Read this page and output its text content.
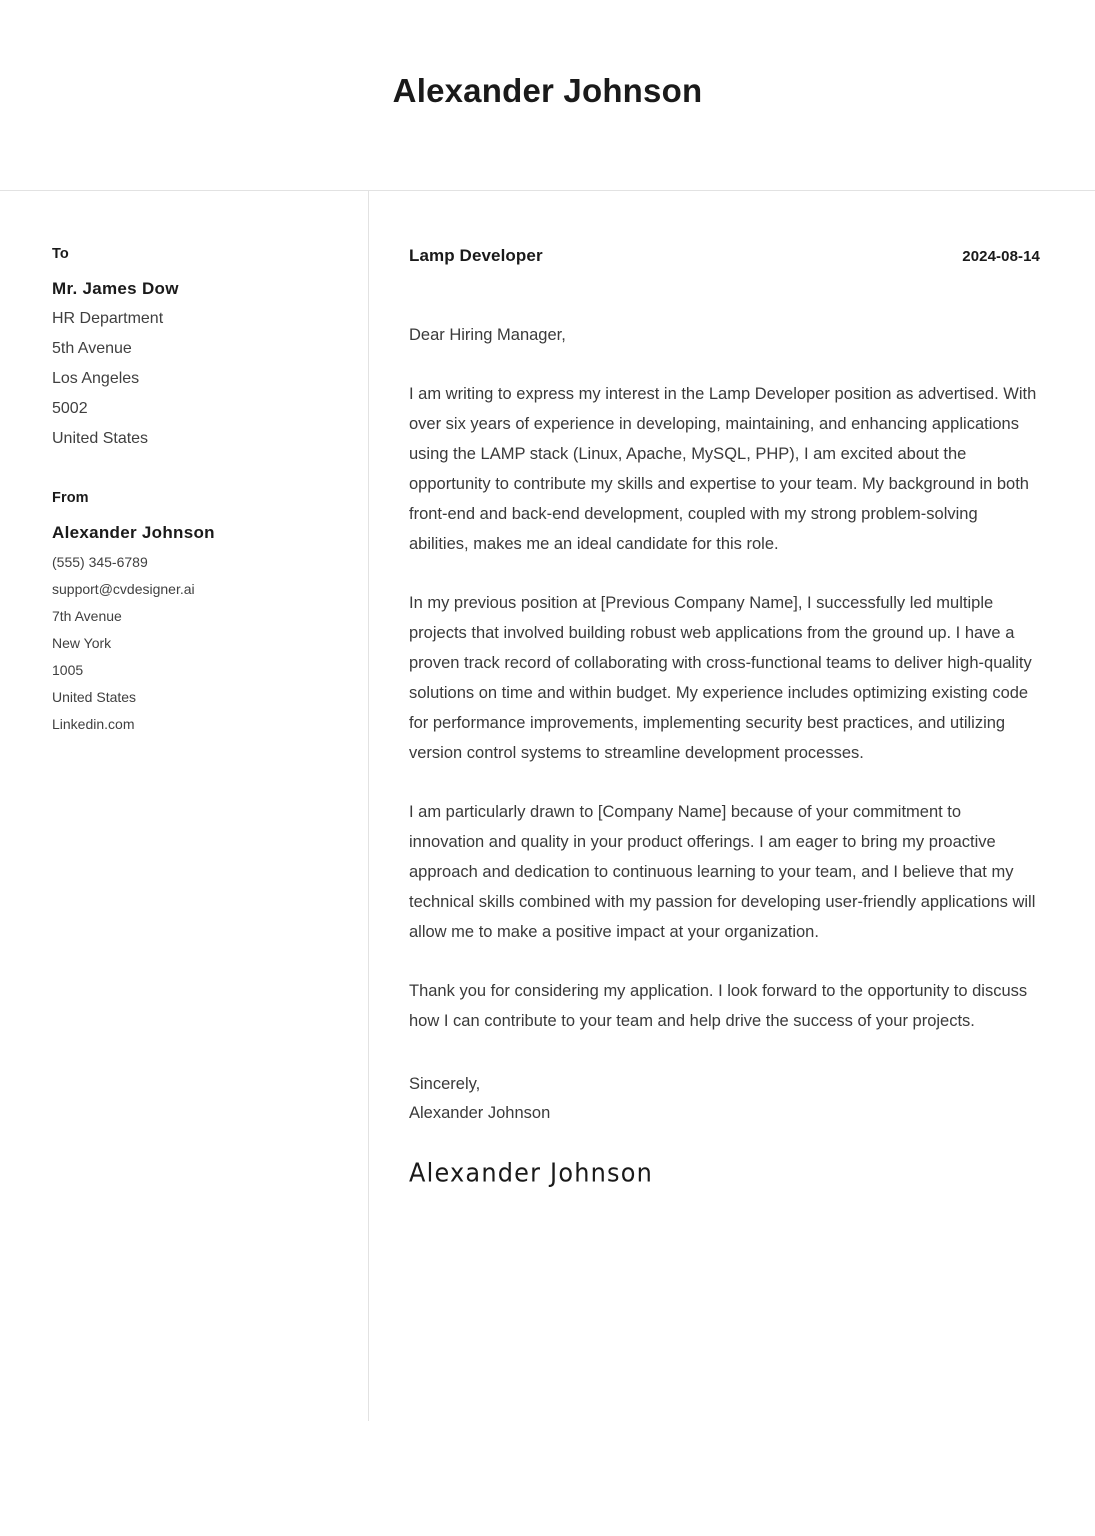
Alexander Johnson
To
Mr. James Dow
HR Department
5th Avenue
Los Angeles
5002
United States
From
Alexander Johnson
(555) 345-6789
support@cvdesigner.ai
7th Avenue
New York
1005
United States
Linkedin.com
Lamp Developer	2024-08-14
Dear Hiring Manager,

I am writing to express my interest in the Lamp Developer position as advertised. With over six years of experience in developing, maintaining, and enhancing applications using the LAMP stack (Linux, Apache, MySQL, PHP), I am excited about the opportunity to contribute my skills and expertise to your team. My background in both front-end and back-end development, coupled with my strong problem-solving abilities, makes me an ideal candidate for this role.

In my previous position at [Previous Company Name], I successfully led multiple projects that involved building robust web applications from the ground up. I have a proven track record of collaborating with cross-functional teams to deliver high-quality solutions on time and within budget. My experience includes optimizing existing code for performance improvements, implementing security best practices, and utilizing version control systems to streamline development processes.

I am particularly drawn to [Company Name] because of your commitment to innovation and quality in your product offerings. I am eager to bring my proactive approach and dedication to continuous learning to your team, and I believe that my technical skills combined with my passion for developing user-friendly applications will allow me to make a positive impact at your organization.

Thank you for considering my application. I look forward to the opportunity to discuss how I can contribute to your team and help drive the success of your projects.

Sincerely,
Alexander Johnson
Alexander Johnson
